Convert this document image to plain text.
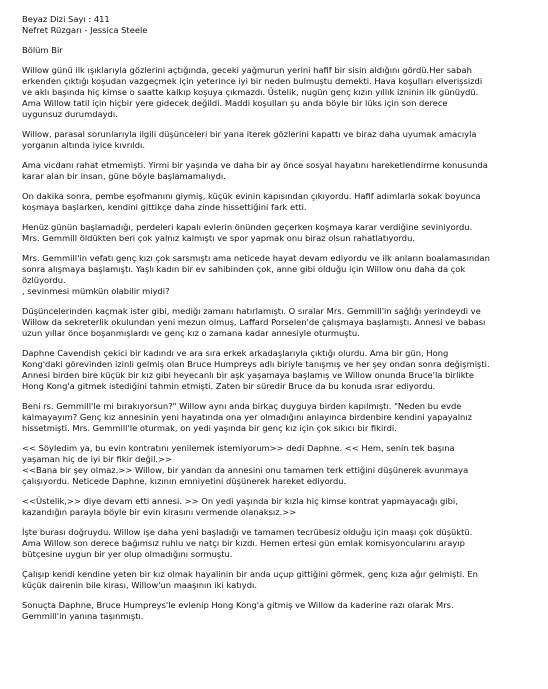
Beyaz Dizi Sayı : 411

Nefret Rüzgarı - Jessica Steele

Bölüm Bir

Willow günü ilk ışıklarıyla gözlerini açtığında, geceki yağmurun yerini hafif bir sisin aldığını gördü.Her sabah
erkenden çıktığı koşudan vazgeçmek için yeterince iyi bir neden bulmuştu demekti. Hava koşulları elverişsizdi
ve aklı başında hiç kimse o saatte kalkıp koşuya çıkmazdı. Üstelik, nugün genç kızın yıllık izninin ilk günüydü.
Ama Willow tatil için hiçbir yere gidecek değildi. Maddi koşulları şu anda böyle bir lüks için son derece
uygunsuz durumdaydı.

Willow, parasal sorunlarıyla ilgili düşünceleri bir yana iterek gözlerini kapattı ve biraz daha uyumak amacıyla
yorganın altında iyice kıvrıldı.

Ama vicdanı rahat etmemişti. Yirmi bir yaşında ve daha bir ay önce sosyal hayatını hareketlendirme konusunda
karar alan bir insan, güne böyle başlamamalıydı.

On dakika sonra, pembe eşofmanını giymiş, küçük evinin kapısından çıkıyordu. Hafif adımlarla sokak boyunca
koşmaya başlarken, kendini gittikçe daha zinde hissettiğini fark etti.

Henüz günün başlamadığı, perdeleri kapalı evlerin önünden geçerken koşmaya karar verdiğine seviniyordu.
Mrs. Gemmill öldükten beri çok yalnız kalmıştı ve spor yapmak onu biraz olsun rahatlatıyordu.

Mrs. Gemmill'in vefatı genç kızı çok sarsmıştı ama neticede hayat devam ediyordu ve ilk anların boalamasından
sonra alışmaya başlamıştı. Yaşlı kadın bir ev sahibinden çok, anne gibi olduğu için Willow onu daha da çok
özlüyordu.
, sevinmesi mümkün olabilir miydi?

Düşüncelerinden kaçmak ister gibi, mediğı zamanı hatırlamıştı. O sıralar Mrs. Gemmill'in sağlığı yerindeydi ve
Willow da sekreterlik okulundan yeni mezun olmuş, Laffard Porselen'de çalışmaya başlamıştı. Annesi ve babası
uzun yıllar önce boşanmışlardı ve genç kız o zamana kadar annesiyle oturmuştu.

Daphne Cavendish çekici bir kadındı ve ara sıra erkek arkadaşlarıyla çıktığı olurdu. Ama bir gün, Hong
Kong'daki görevinden izinli gelmiş olan Bruce Humpreys adlı biriyle tanışmış ve her şey ondan sonra değişmişti.
Annesi birden bire küçük bir kız gibi heyecanlı bir aşk yaşamaya başlamış ve Willow onunda Bruce'la birlikte
Hong Kong'a gitmek istediğini tahmin etmişti. Zaten bir süredir Bruce da bu konuda ısrar ediyordu.

Beni rs. Gemmill'le mi bırakıyorsun?" Willow aynı anda birkaç duyguya birden kapılmıştı. "Neden bu evde
kalmayayım? Genç kız annesinin yeni hayatında ona yer olmadığını anlayınca birdenbire kendini yapayalnız
hissetmişti. Mrs. Gemmill'le oturmak, on yedi yaşında bir genç kız için çok sıkıcı bir fikirdi.

<< Söyledim ya, bu evin kontratını yenilemek istemiyorum>> dedi Daphne. << Hem, senin tek başına
yaşaman hiç de iyi bir fikir değil.>>
<<Bana bir şey olmaz.>> Willow, bir yandan da annesini onu tamamen terk ettiğini düşünerek avunmaya
çalışıyordu. Neticede Daphne, kızının emniyetini düşünerek hareket ediyordu.

<<Üstelik,>> diye devam etti annesi. >> On yedi yaşında bir kızla hiç kimse kontrat yapmayacağı gibi,
kazandığın parayla böyle bir evin kirasını vermende olanaksız.>>

İşte burası doğruydu. Willow işe daha yeni başladığı ve tamamen tecrübesiz olduğu için maaşı çok düşüktü.
Ama Willow son derece bağımsız ruhlu ve natçı bir kızdı. Hemen ertesi gün emlak komisyoncularını arayıp
bütçesine uygun bir yer olup olmadığını sormuştu.

Çalışıp kendi kendine yeten bir kız olmak hayalinin bir anda uçup gittiğini görmek, genç kıza ağır gelmişti. En
küçük dairenin bile kirası, Willow'un maaşının iki katıydı.

Sonuçta Daphne, Bruce Humpreys'le evlenip Hong Kong'a gitmiş ve Willow da kaderine razı olarak Mrs.
Gemmill'in yanına taşınmıştı.
